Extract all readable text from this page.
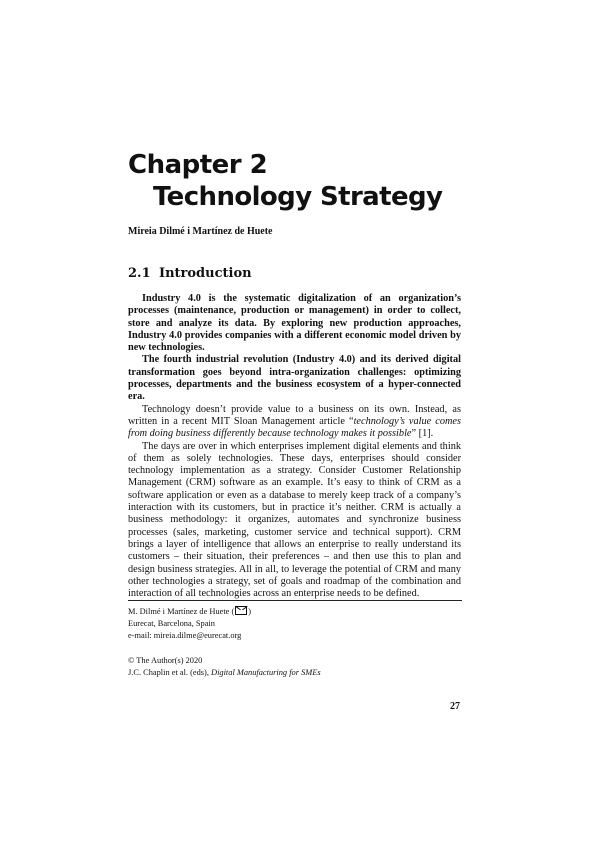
Chapter 2
Technology Strategy
Mireia Dilmé i Martínez de Huete
2.1 Introduction

Industry 4.0 is the systematic digitalization of an organization’s processes (maintenance, production or management) in order to collect, store and analyze its data. By exploring new production approaches, Industry 4.0 provides companies with a different economic model driven by new technologies.

The fourth industrial revolution (Industry 4.0) and its derived digital transformation goes beyond intra-organization challenges: optimizing processes, departments and the business ecosystem of a hyper-connected era.

Technology doesn’t provide value to a business on its own. Instead, as written in a recent MIT Sloan Management article “technology’s value comes from doing business differently because technology makes it possible” [1].

The days are over in which enterprises implement digital elements and think of them as solely technologies. These days, enterprises should consider technology implementation as a strategy. Consider Customer Relationship Management (CRM) software as an example. It’s easy to think of CRM as a software application or even as a database to merely keep track of a company’s interaction with its customers, but in practice it’s neither. CRM is actually a business methodology: it organizes, automates and synchronize business processes (sales, marketing, customer service and technical support). CRM brings a layer of intelligence that allows an enterprise to really understand its customers – their situation, their preferences – and then use this to plan and design business strategies. All in all, to leverage the potential of CRM and many other technologies a strategy, set of goals and roadmap of the combination and interaction of all technologies across an enterprise needs to be defined.

M. Dilmé i Martínez de Huete ( )
Eurecat, Barcelona, Spain
e-mail: mireia.dilme@eurecat.org
© The Author(s) 2020
J.C. Chaplin et al. (eds), Digital Manufacturing for SMEs
27
